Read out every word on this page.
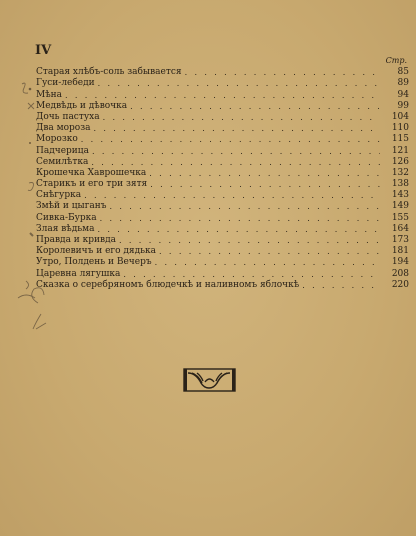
IV
Стр.
Старая хлѣбъ-соль забывается . . .	85
Гуси-лебеди . . .	89
Мѣна . . .	94
Медвѣдь и дѣвочка . . .	99
Дочь пастуха . . .	104
Два мороза . . .	110
Морозко . . .	115
Падчерица . . .	121
Семилѣтка . . .	126
Крошечка Хаврошечка . . .	132
Старикъ и его три зятя . . .	138
Снѣгурка . . .	143
Змѣй и цыганъ . . .	149
Сивка-Бурка . . .	155
Злая вѣдьма . . .	164
Правда и кривда . . .	173
Королевичъ и его дядька . . .	181
Утро, Полдень и Вечеръ . . .	194
Царевна лягушка . . .	208
Сказка о серебряномъ блюдечкѣ и наливномъ яблочкѣ . . .	220
